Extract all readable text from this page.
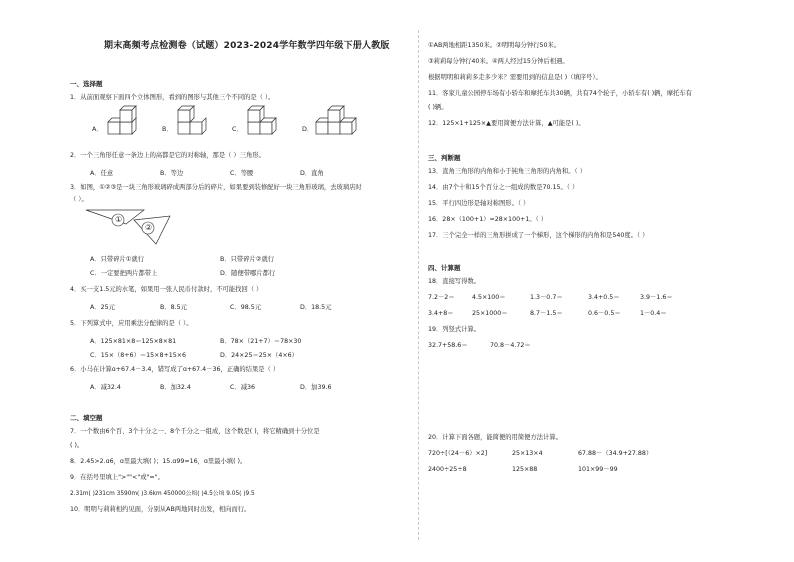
期末高频考点检测卷（试题）2023-2024学年数学四年级下册人教版
一、选择题
1．从前面观察下面四个立体图形，看到的图形与其他三个不同的是（ ）。
A．	B．	C．	D．
2．一个三角形任意一条边上的高都是它的对称轴，那是（ ）三角形。
A．任意	B．等边	C．等腰	D．直角
3．如图，①②③是一块三角形玻璃碎成两部分后的碎片，如果要到装修配好一块三角形玻璃，去玻璃店时
（ ）。
①
②
A．只带碎片①就行	B．只带碎片②就行
C．一定要把两片都带上	D．随便带哪片都行
4．买一支1.5元的水笔，如果用一张人民币付款时，不可能找回（ ）
A．25元	B．8.5元	C．98.5元	D．18.5元
5．下列算式中，应用乘法分配律的是（ ）。
A．125×81×8＝125×8×81	B．78×（21+7）＝78×30
C．15×（8+6）＝15×8+15×6	D．24×25＝25×（4×6）
6．小马在计算ɑ+67.4－3.4，错写成了ɑ+67.4－36，正确的结果是（ ）
A．减32.4	B．加32.4	C．减36	D．加39.6
二、填空题
7．一个数由6个百、3个十分之一、8个千分之一组成，这个数是( )，将它精确到十分位是
( )。
8．2.45>2.ɑ6，ɑ里最大填( )；15.ɑ99≈16，ɑ里最小填( )。
9．在括号里填上">""<"或"="。
2.31m( )231cm 3590m( )3.6km 450000公顷( )4.5公顷 9.05( )9.5
10．明明与莉莉相约见面，分别从AB两地同时出发，相向而行。
①AB两地相距1350米。②明明每分钟行50米。
③莉莉每分钟行40米。④两人经过15分钟后相遇。
根据明明和莉莉多走多少米？需要用到的信息是( )（填序号）。
11．客家儿童公园停车场有小轿车和摩托车共30辆，共有74个轮子，小轿车有( )辆，摩托车有
( )辆。
12．125×1+125×▲要用简便方法计算，▲可能是( )。
三、判断题
13．直角三角形的内角和小于钝角三角形的内角和。（ ）
14．由7个十和15个百分之一组成的数是70.15。（ ）
15．平行四边形是轴对称图形。（ ）
16．28×（100+1）=28×100+1。（ ）
17．三个完全一样的三角形拼成了一个梯形，这个梯形的内角和是540度。（ ）
四、计算题
18．直接写得数。
7.2－2＝	4.5×100＝	1.3－0.7＝	3.4+0.5＝	3.9－1.6＝
3.4+8＝	25×1000＝	8.7－1.5＝	0.6－0.5＝	1－0.4＝
19．列竖式计算。
32.7+58.6＝	70.8－4.72＝
20．计算下面各题，能简便的用简便方法计算。
720÷[（24－6）×2]	25×13×4	67.88－（34.9+27.88）
2400÷25÷8	125×88	101×99－99
